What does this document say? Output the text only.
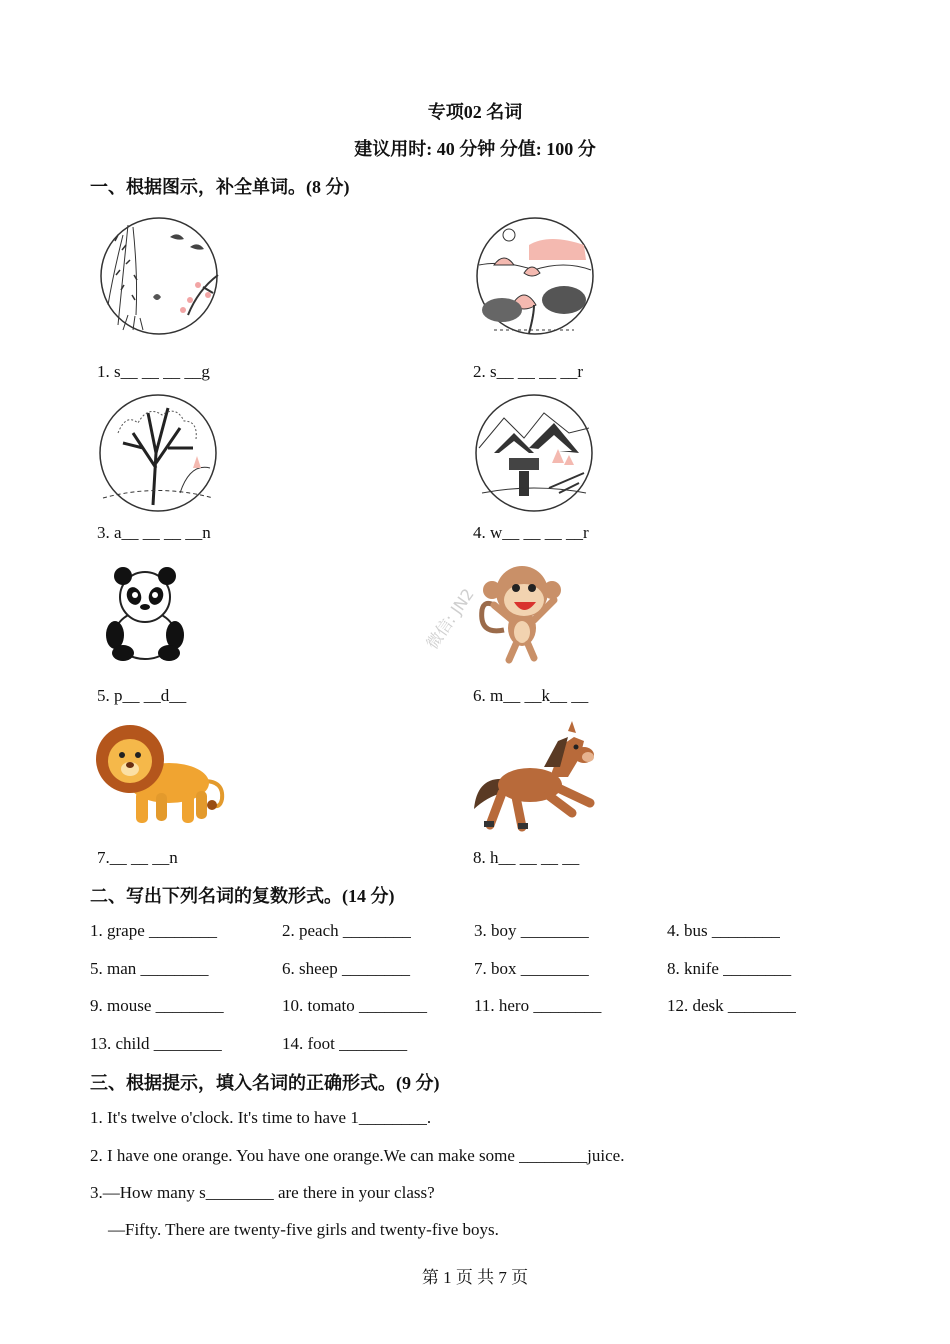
专项02 名词
建议用时: 40 分钟 分值: 100 分
一、根据图示，补全单词。(8 分)
1. s__ __ __ __g	2. s__ __ __ __r
3. a__ __ __ __n	4. w__ __ __ __r
5. p__ __d__	6. m__ __k__ __
7.__ __ __n	8. h__ __ __ __
微信: JN2
二、写出下列名词的复数形式。(14 分)
1. grape ________	2. peach ________	3. boy ________	4. bus ________
5. man ________	6. sheep ________	7. box ________	8. knife ________
9. mouse ________	10. tomato ________	11. hero ________	12. desk ________
13. child ________	14. foot ________
三、根据提示，填入名词的正确形式。(9 分)
1. It's twelve o'clock. It's time to have 1________.
2. I have one orange. You have one orange.We can make some ________juice.
3.—How many s________ are there in your class?
—Fifty. There are twenty-five girls and twenty-five boys.
第 1 页 共 7 页
